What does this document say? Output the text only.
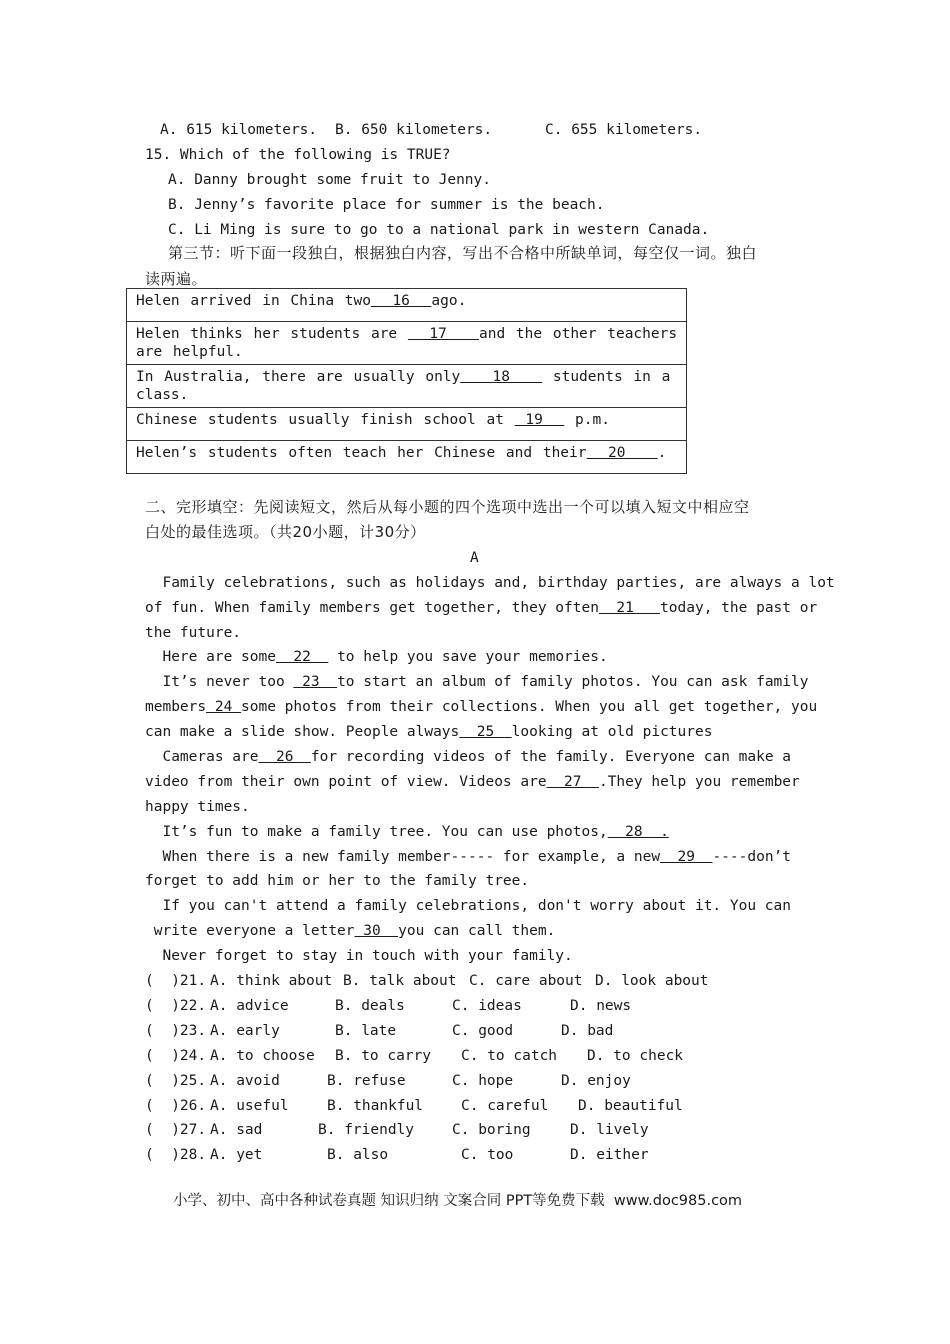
A. 615 kilometers. B. 650 kilometers.	C. 655 kilometers.
15. Which of the following is TRUE?
A. Danny brought some fruit to Jenny.
B. Jenny’s favorite place for summer is the beach.
C. Li Ming is sure to go to a national park in western Canada.
第三节：听下面一段独白，根据独白内容，写出不合格中所缺单词，每空仅一词。独白
读两遍。
Helen arrived in China two  16  ago.
Helen thinks her students are   17   and the other teachers are helpful.
In Australia, there are usually only   18    students in a class.
Chinese students usually finish school at  19   p.m.
Helen’s students often teach her Chinese and their  20   .
二、完形填空：先阅读短文，然后从每小题的四个选项中选出一个可以填入短文中相应空
白处的最佳选项。（共20小题，计30分）
A
Family celebrations, such as holidays and, birthday parties, are always a lot
of fun. When family members get together, they often  21   today, the past or
the future.
Here are some  22   to help you save your memories.
It’s never too  23  to start an album of family photos. You can ask family
members 24 some photos from their collections. When you all get together, you
can make a slide show. People always  25  looking at old pictures
Cameras are  26  for recording videos of the family. Everyone can make a
video from their own point of view. Videos are  27  .They help you remember
happy times.
It’s fun to make a family tree. You can use photos,  28  .
When there is a new family member----- for example, a new  29  ----don’t
forget to add him or her to the family tree.
If you can't attend a family celebrations, don't worry about it. You can
write everyone a letter 30  you can call them.
Never forget to stay in touch with your family.
(  )21. A. think about B. talk about C. care about D. look about
(  )22. A. advice	B. deals	C. ideas	D. news
(  )23. A. early	B. late	C. good	D. bad
(  )24. A. to choose B. to carry C. to catch D. to check
(  )25. A. avoid	B. refuse	C. hope	D. enjoy
(  )26. A. useful	B. thankful	C. careful D. beautiful
(  )27. A. sad	B. friendly	C. boring	D. lively
(  )28. A. yet	B. also	C. too	D. either
小学、初中、高中各种试卷真题 知识归纳 文案合同 PPT等免费下载  www.doc985.com
